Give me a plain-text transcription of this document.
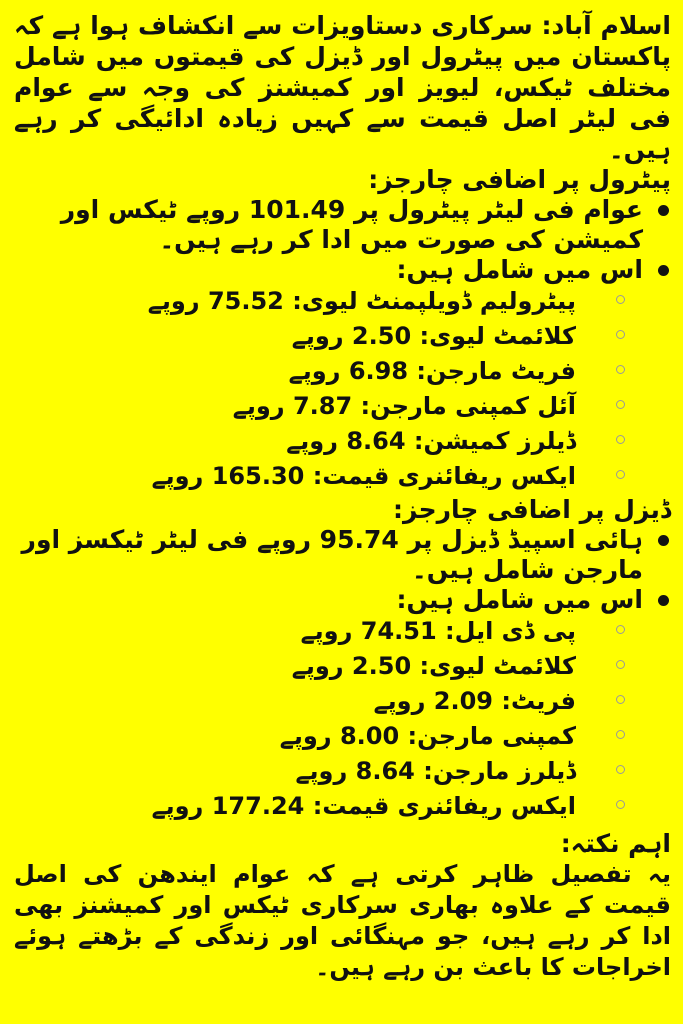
اسلام آباد: سرکاری دستاویزات سے انکشاف ہوا ہے کہ پاکستان میں پیٹرول اور ڈیزل کی قیمتوں میں شامل مختلف ٹیکس، لیویز اور کمیشنز کی وجہ سے عوام فی لیٹر اصل قیمت سے کہیں زیادہ ادائیگی کر رہے ہیں۔

پیٹرول پر اضافی چارجز:

عوام فی لیٹر پیٹرول پر 101.49 روپے ٹیکس اور کمیشن کی صورت میں ادا کر رہے ہیں۔
اس میں شامل ہیں:
پیٹرولیم ڈویلپمنٹ لیوی: 75.52 روپے
کلائمٹ لیوی: 2.50 روپے
فریٹ مارجن: 6.98 روپے
آئل کمپنی مارجن: 7.87 روپے
ڈیلرز کمیشن: 8.64 روپے
ایکس ریفائنری قیمت: 165.30 روپے

ڈیزل پر اضافی چارجز:

ہائی اسپیڈ ڈیزل پر 95.74 روپے فی لیٹر ٹیکسز اور مارجن شامل ہیں۔
اس میں شامل ہیں:
پی ڈی ایل: 74.51 روپے
کلائمٹ لیوی: 2.50 روپے
فریٹ: 2.09 روپے
کمپنی مارجن: 8.00 روپے
ڈیلرز مارجن: 8.64 روپے
ایکس ریفائنری قیمت: 177.24 روپے

اہم نکتہ:

یہ تفصیل ظاہر کرتی ہے کہ عوام ایندھن کی اصل قیمت کے علاوہ بھاری سرکاری ٹیکس اور کمیشنز بھی ادا کر رہے ہیں، جو مہنگائی اور زندگی کے بڑھتے ہوئے اخراجات کا باعث بن رہے ہیں۔
